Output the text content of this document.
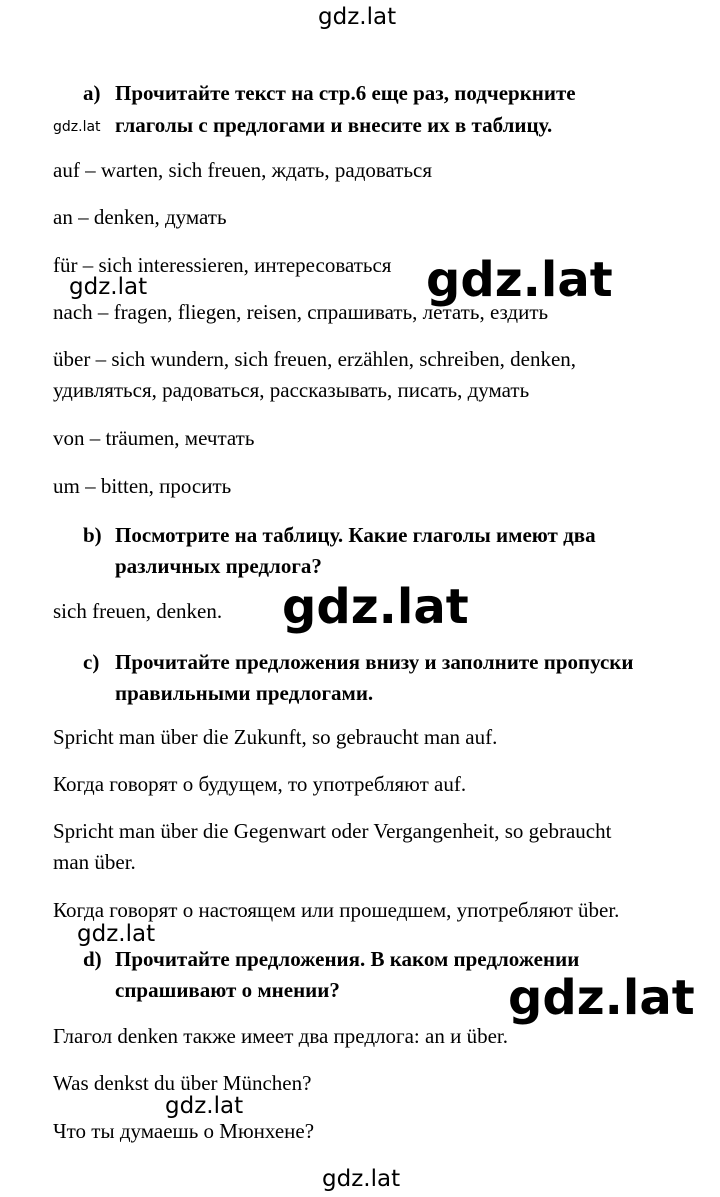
gdz.lat
gdz.lat
gdz.lat	gdz.lat
gdz.lat
gdz.lat
gdz.lat
gdz.lat
gdz.lat
a) Прочитайте текст на стр.6 еще раз, подчеркните
глаголы с предлогами и внесите их в таблицу.
auf – warten, sich freuen, ждать, радоваться
an – denken, думать
für – sich interessieren, интересоваться
nach – fragen, fliegen, reisen, спрашивать, летать, ездить
über – sich wundern, sich freuen, erzählen, schreiben, denken,
удивляться, радоваться, рассказывать, писать, думать
von – träumen, мечтать
um – bitten, просить
b) Посмотрите на таблицу. Какие глаголы имеют два
различных предлога?
sich freuen, denken.
c) Прочитайте предложения внизу и заполните пропуски
правильными предлогами.
Spricht man über die Zukunft, so gebraucht man auf.
Когда говорят о будущем, то употребляют auf.
Spricht man über die Gegenwart oder Vergangenheit, so gebraucht
man über.
Когда говорят о настоящем или прошедшем, употребляют über.
d) Прочитайте предложения. В каком предложении
спрашивают о мнении?
Глагол denken также имеет два предлога: an и über.
Was denkst du über München?
Что ты думаешь о Мюнхене?
